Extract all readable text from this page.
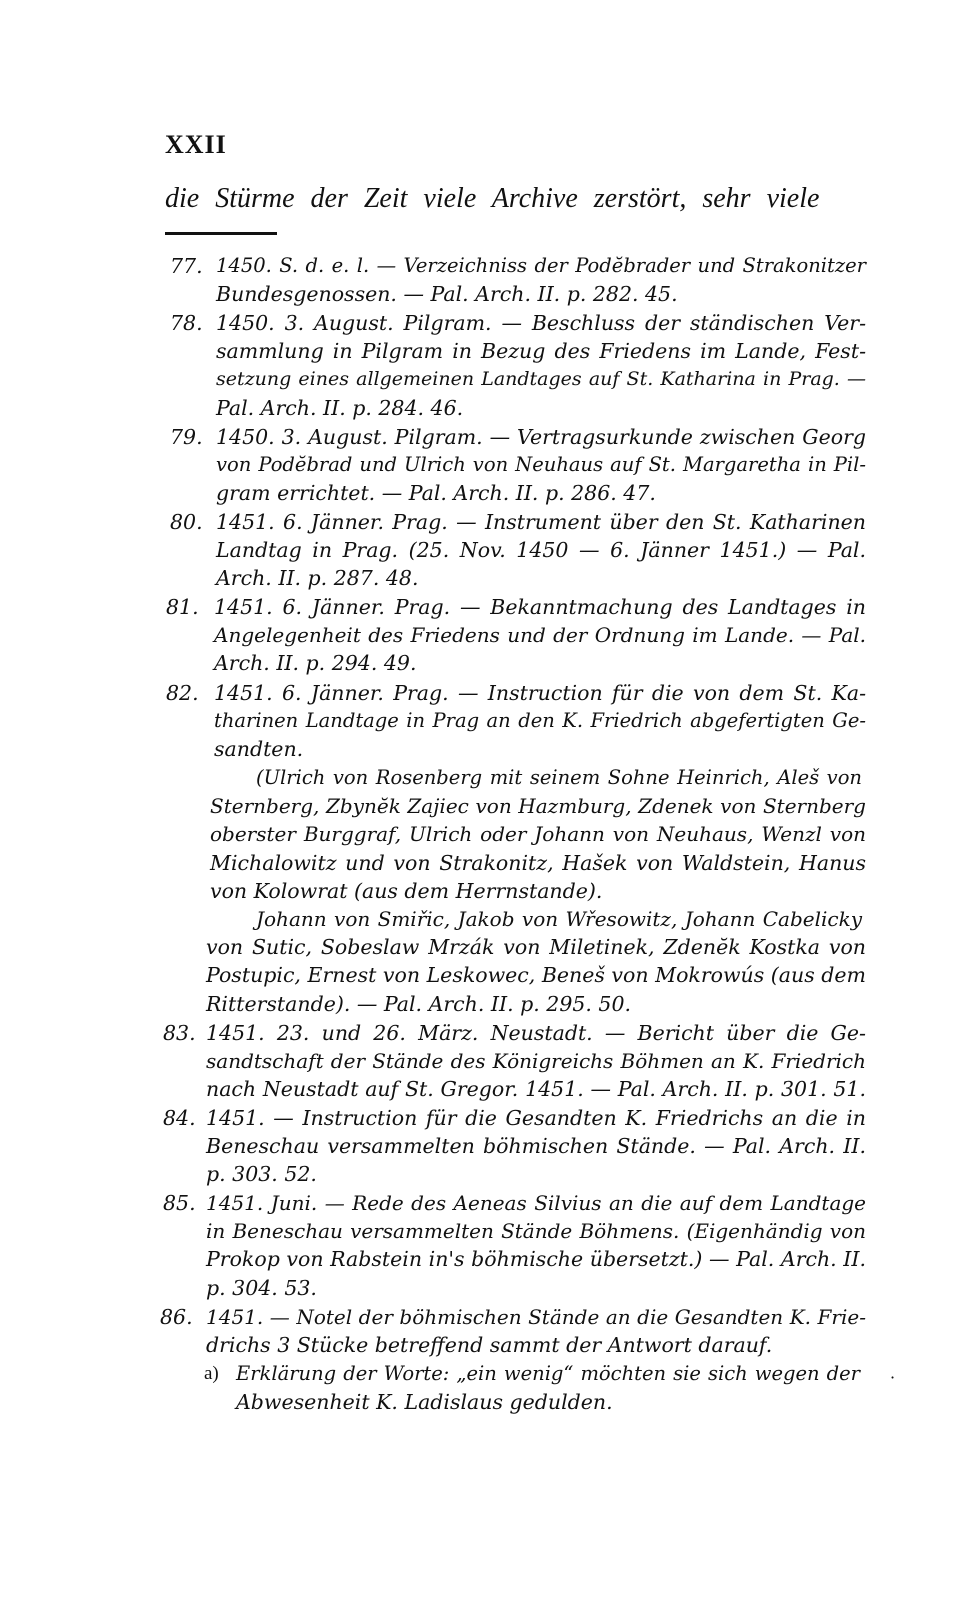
XXII
die Stürme der Zeit viele Archive zerstört, sehr viele
77. 1450. S. d. e. l. — Verzeichniss der Podĕbrader und Strakonitzer
Bundesgenossen. — Pal. Arch. II. p. 282. 45.
78. 1450. 3. August. Pilgram. — Beschluss der ständischen Ver-
sammlung in Pilgram in Bezug des Friedens im Lande, Fest-
setzung eines allgemeinen Landtages auf St. Katharina in Prag. —
Pal. Arch. II. p. 284. 46.
79. 1450. 3. August. Pilgram. — Vertragsurkunde zwischen Georg
von Podĕbrad und Ulrich von Neuhaus auf St. Margaretha in Pil-
gram errichtet. — Pal. Arch. II. p. 286. 47.
80. 1451. 6. Jänner. Prag. — Instrument über den St. Katharinen
Landtag in Prag. (25. Nov. 1450 — 6. Jänner 1451.) — Pal.
Arch. II. p. 287. 48.
81. 1451. 6. Jänner. Prag. — Bekanntmachung des Landtages in
Angelegenheit des Friedens und der Ordnung im Lande. — Pal.
Arch. II. p. 294. 49.
82. 1451. 6. Jänner. Prag. — Instruction für die von dem St. Ka-
tharinen Landtage in Prag an den K. Friedrich abgefertigten Ge-
sandten.
(Ulrich von Rosenberg mit seinem Sohne Heinrich, Aleš von
Sternberg, Zbynĕk Zajiec von Hazmburg, Zdenek von Sternberg
oberster Burggraf, Ulrich oder Johann von Neuhaus, Wenzl von
Michalowitz und von Strakonitz, Hašek von Waldstein, Hanus
von Kolowrat (aus dem Herrnstande).
Johann von Smiřic, Jakob von Wřesowitz, Johann Cabelicky
von Sutic, Sobeslaw Mrzák von Miletinek, Zdenĕk Kostka von
Postupic, Ernest von Leskowec, Beneš von Mokrowús (aus dem
Ritterstande). — Pal. Arch. II. p. 295. 50.
83. 1451. 23. und 26. März. Neustadt. — Bericht über die Ge-
sandtschaft der Stände des Königreichs Böhmen an K. Friedrich
nach Neustadt auf St. Gregor. 1451. — Pal. Arch. II. p. 301. 51.
84. 1451. — Instruction für die Gesandten K. Friedrichs an die in
Beneschau versammelten böhmischen Stände. — Pal. Arch. II.
p. 303. 52.
85. 1451. Juni. — Rede des Aeneas Silvius an die auf dem Landtage
in Beneschau versammelten Stände Böhmens. (Eigenhändig von
Prokop von Rabstein in's böhmische übersetzt.) — Pal. Arch. II.
p. 304. 53.
86. 1451. — Notel der böhmischen Stände an die Gesandten K. Frie-
drichs 3 Stücke betreffend sammt der Antwort darauf.
a) Erklärung der Worte: „ein wenig“ möchten sie sich wegen der
Abwesenheit K. Ladislaus gedulden.
·
